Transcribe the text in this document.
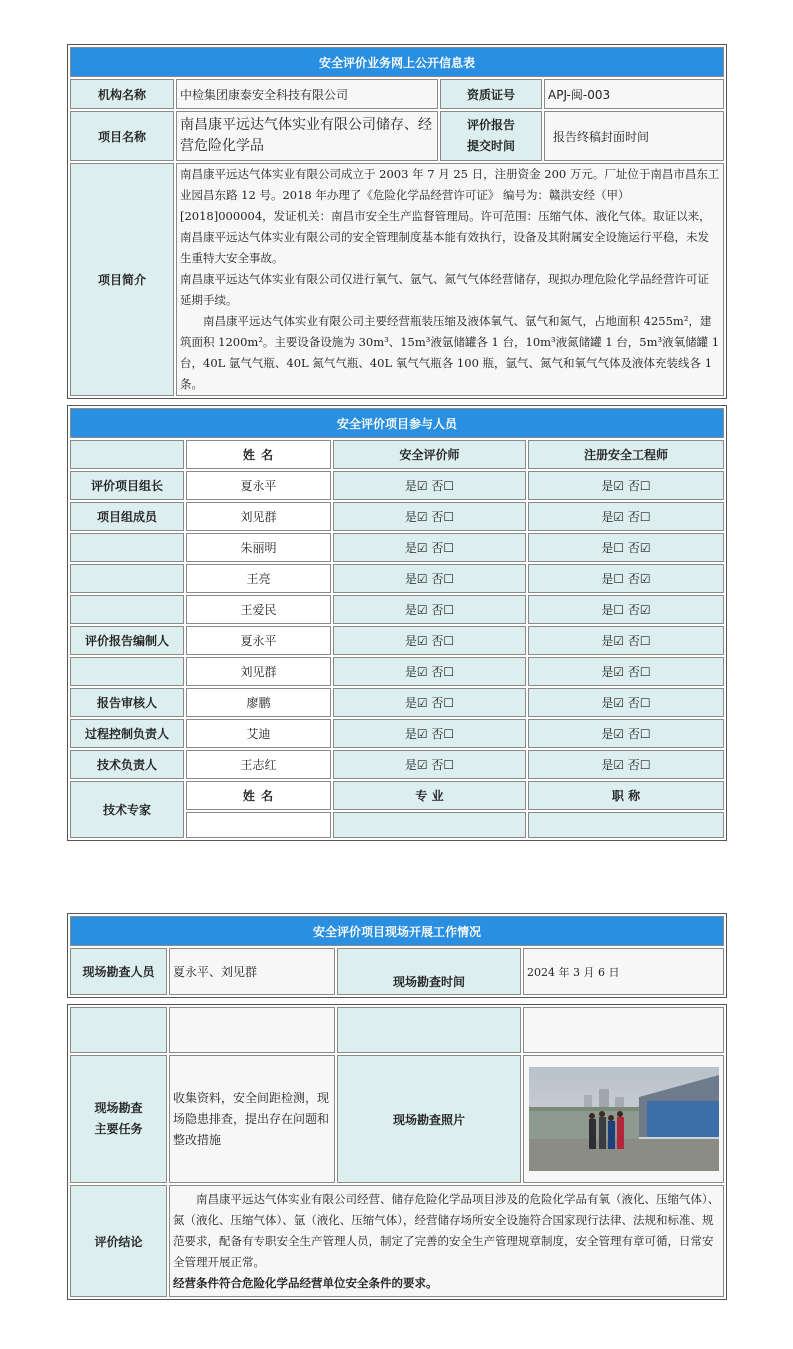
安全评价业务网上公开信息表			
机构名称	中检集团康泰安全科技有限公司	资质证号	APJ-闽-003
项目名称	南昌康平远达气体实业有限公司储存、经营危险化学品	评价报告
提交时间	报告终稿封面时间
项目简介	南昌康平远达气体实业有限公司成立于 2003 年 7 月 25 日，注册资金 200 万元。厂址位于南昌市昌东工业园昌东路 12 号。2018 年办理了《危险化学品经营许可证》 编号为：赣洪安经（甲）[2018]000004，发证机关：南昌市安全生产监督管理局。许可范围：压缩气体、液化气体。取证以来，南昌康平远达气体实业有限公司的安全管理制度基本能有效执行，设备及其附属安全设施运行平稳，未发生重特大安全事故。

南昌康平远达气体实业有限公司仅进行氧气、氩气、氮气气体经营储存，现拟办理危险化学品经营许可证延期手续。

南昌康平远达气体实业有限公司主要经营瓶装压缩及液体氧气、氩气和氮气，占地面积 4255m²，建筑面积 1200m²。主要设备设施为 30m³、15m³液氩储罐各 1 台，10m³液氮储罐 1 台，5m³液氧储罐 1 台，40L 氩气气瓶、40L 氮气气瓶、40L 氧气气瓶各 100 瓶，氩气、氮气和氧气气体及液体充装线各 1 条。		

安全评价项目参与人员			
	姓 名	安全评价师	注册安全工程师
评价项目组长	夏永平	是☑ 否☐	是☑ 否☐
项目组成员	刘见群	是☑ 否☐	是☑ 否☐
	朱丽明	是☑ 否☐	是☐ 否☑
	王亮	是☑ 否☐	是☐ 否☑
	王爱民	是☑ 否☐	是☐ 否☑
评价报告编制人	夏永平	是☑ 否☐	是☑ 否☐
	刘见群	是☑ 否☐	是☑ 否☐
报告审核人	廖鹏	是☑ 否☐	是☑ 否☐
过程控制负责人	艾迪	是☑ 否☐	是☑ 否☐
技术负责人	王志红	是☑ 否☐	是☑ 否☐
技术专家	姓 名	专 业	职 称

安全评价项目现场开展工作情况
现场勘查人员	夏永平、刘见群	现场勘查时间	2024 年 3 月 6 日

现场勘查
主要任务	收集资料，安全间距检测，现场隐患排查，提出存在问题和整改措施	现场勘查照片	

评价结论	南昌康平远达气体实业有限公司经营、储存危险化学品项目涉及的危险化学品有氧（液化、压缩气体）、氮（液化、压缩气体）、氩（液化、压缩气体），经营储存场所安全设施符合国家现行法律、法规和标准、规范要求，配备有专职安全生产管理人员，制定了完善的安全生产管理规章制度，安全管理有章可循，日常安全管理开展正常。

经营条件符合危险化学品经营单位安全条件的要求。		
